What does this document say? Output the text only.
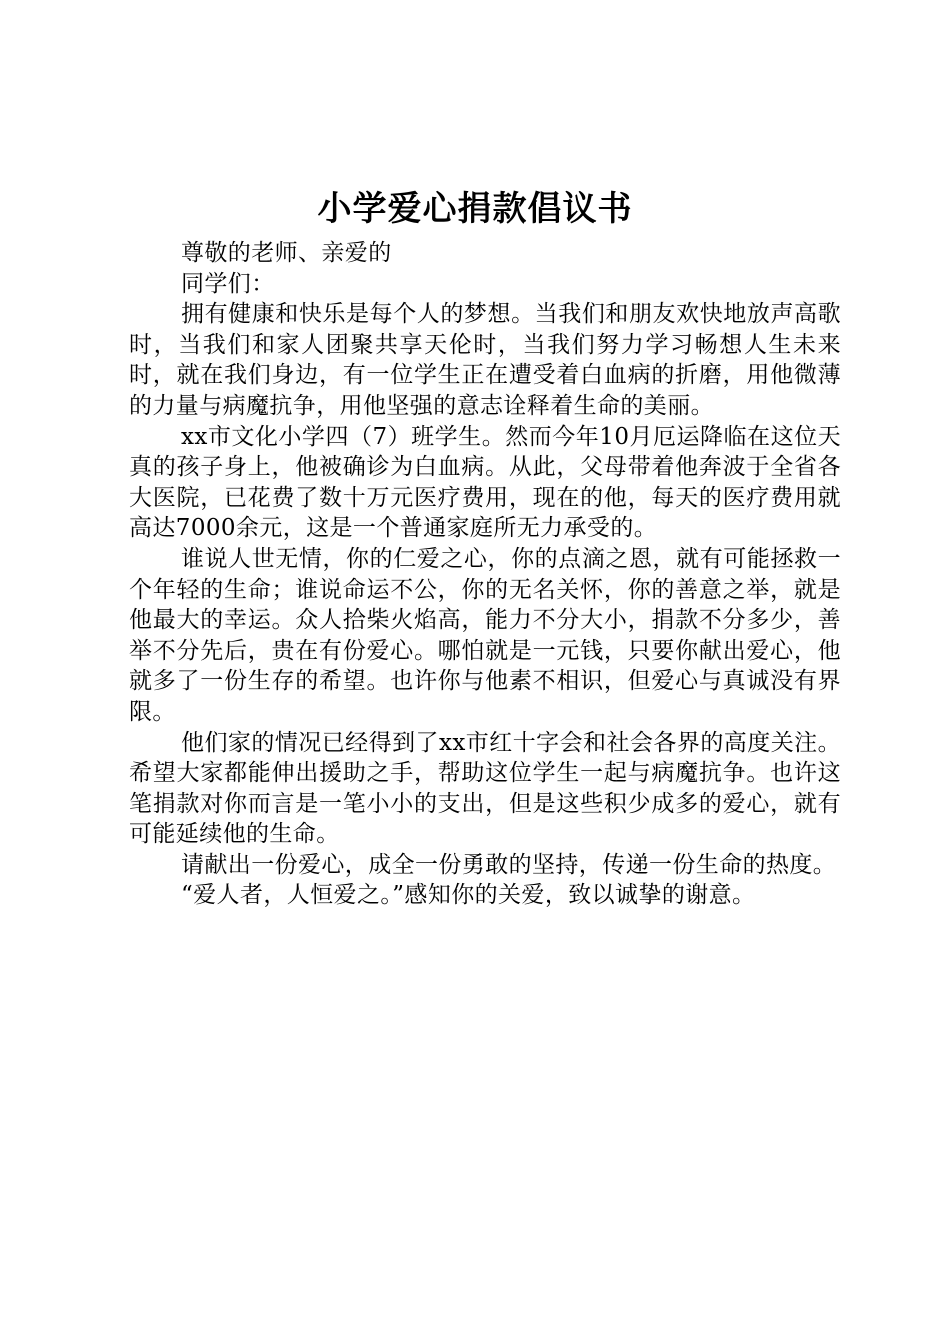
小学爱心捐款倡议书

尊敬的老师、亲爱的

同学们：

拥有健康和快乐是每个人的梦想。当我们和朋友欢快地放声高歌时，当我们和家人团聚共享天伦时，当我们努力学习畅想人生未来时，就在我们身边，有一位学生正在遭受着白血病的折磨，用他微薄的力量与病魔抗争，用他坚强的意志诠释着生命的美丽。

xx市文化小学四（7）班学生。然而今年10月厄运降临在这位天真的孩子身上，他被确诊为白血病。从此，父母带着他奔波于全省各大医院，已花费了数十万元医疗费用，现在的他，每天的医疗费用就高达7000余元，这是一个普通家庭所无力承受的。

谁说人世无情，你的仁爱之心，你的点滴之恩，就有可能拯救一个年轻的生命；谁说命运不公，你的无名关怀，你的善意之举，就是他最大的幸运。众人拾柴火焰高，能力不分大小，捐款不分多少，善举不分先后，贵在有份爱心。哪怕就是一元钱，只要你献出爱心，他就多了一份生存的希望。也许你与他素不相识，但爱心与真诚没有界限。

他们家的情况已经得到了xx市红十字会和社会各界的高度关注。希望大家都能伸出援助之手，帮助这位学生一起与病魔抗争。也许这笔捐款对你而言是一笔小小的支出，但是这些积少成多的爱心，就有可能延续他的生命。

请献出一份爱心，成全一份勇敢的坚持，传递一份生命的热度。

“爱人者，人恒爱之。”感知你的关爱，致以诚挚的谢意。
